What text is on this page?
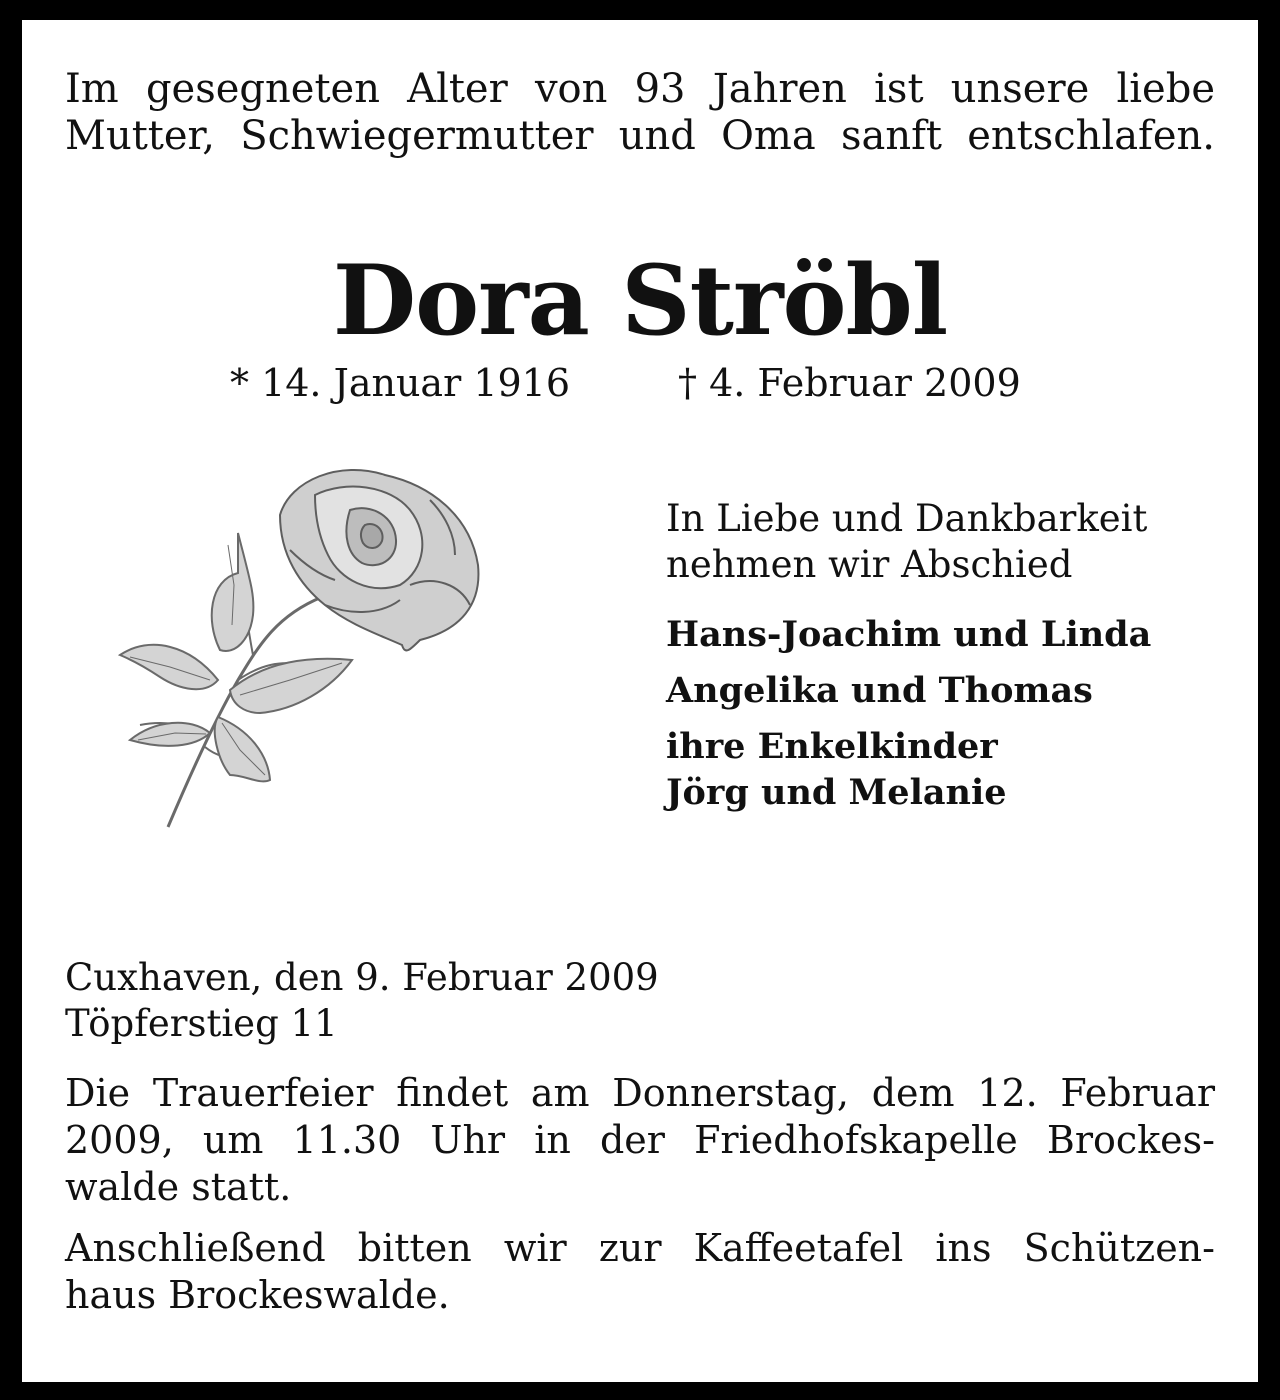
Im gesegneten Alter von 93 Jahren ist unsere liebe
Mutter, Schwiegermutter und Oma sanft entschlafen.
Dora Ströbl
* 14. Januar 1916	† 4. Februar 2009
In Liebe und Dankbarkeit
nehmen wir Abschied
Hans-Joachim und Linda
Angelika und Thomas
ihre Enkelkinder
Jörg und Melanie
Cuxhaven, den 9. Februar 2009
Töpferstieg 11
Die Trauerfeier findet am Donnerstag, dem 12. Februar
2009, um 11.30 Uhr in der Friedhofskapelle Brockes-
walde statt.
Anschließend bitten wir zur Kaffeetafel ins Schützen-
haus Brockeswalde.
